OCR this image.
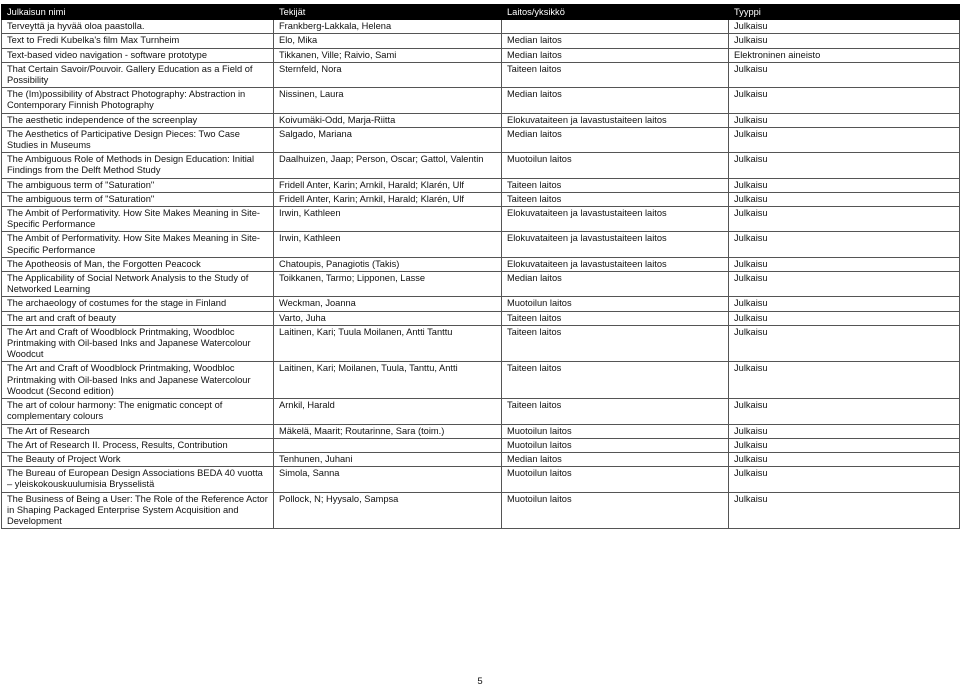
Julkaisun nimi	Tekijät	Laitos/yksikkö	Tyyppi
Terveyttä ja hyvää oloa paastolla.	Frankberg-Lakkala, Helena		Julkaisu
Text to Fredi Kubelka's film Max Turnheim	Elo, Mika	Median laitos	Julkaisu
Text-based video navigation - software prototype	Tikkanen, Ville; Raivio, Sami	Median laitos	Elektroninen aineisto
That Certain Savoir/Pouvoir. Gallery Education as a Field of Possibility	Sternfeld, Nora	Taiteen laitos	Julkaisu
The (Im)possibility of Abstract Photography: Abstraction in Contemporary Finnish Photography	Nissinen, Laura	Median laitos	Julkaisu
The aesthetic independence of the screenplay	Koivumäki-Odd, Marja-Riitta	Elokuvataiteen ja lavastustaiteen laitos	Julkaisu
The Aesthetics of Participative Design Pieces: Two Case Studies in Museums	Salgado, Mariana	Median laitos	Julkaisu
The Ambiguous Role of Methods in Design Education: Initial Findings from the Delft Method Study	Daalhuizen, Jaap; Person, Oscar; Gattol, Valentin	Muotoilun laitos	Julkaisu
The ambiguous term of "Saturation"	Fridell Anter, Karin; Arnkil, Harald; Klarén, Ulf	Taiteen laitos	Julkaisu
The ambiguous term of "Saturation"	Fridell Anter, Karin; Arnkil, Harald; Klarén, Ulf	Taiteen laitos	Julkaisu
The Ambit of Performativity. How Site Makes Meaning in Site-Specific Performance	Irwin, Kathleen	Elokuvataiteen ja lavastustaiteen laitos	Julkaisu
The Ambit of Performativity. How Site Makes Meaning in Site-Specific Performance	Irwin, Kathleen	Elokuvataiteen ja lavastustaiteen laitos	Julkaisu
The Apotheosis of Man, the Forgotten Peacock	Chatoupis, Panagiotis (Takis)	Elokuvataiteen ja lavastustaiteen laitos	Julkaisu
The Applicability of Social Network Analysis to the Study of Networked Learning	Toikkanen, Tarmo; Lipponen, Lasse	Median laitos	Julkaisu
The archaeology of costumes for the stage in Finland	Weckman, Joanna	Muotoilun laitos	Julkaisu
The art and craft of beauty	Varto, Juha	Taiteen laitos	Julkaisu
The Art and Craft of Woodblock Printmaking, Woodbloc Printmaking with Oil-based Inks and Japanese Watercolour Woodcut	Laitinen, Kari; Tuula Moilanen, Antti Tanttu	Taiteen laitos	Julkaisu
The Art and Craft of Woodblock Printmaking, Woodbloc Printmaking with Oil-based Inks and Japanese Watercolour Woodcut (Second edition)	Laitinen, Kari; Moilanen, Tuula, Tanttu, Antti	Taiteen laitos	Julkaisu
The art of colour harmony: The enigmatic concept of complementary colours	Arnkil, Harald	Taiteen laitos	Julkaisu
The Art of Research	Mäkelä, Maarit; Routarinne, Sara (toim.)	Muotoilun laitos	Julkaisu
The Art of Research II. Process, Results, Contribution		Muotoilun laitos	Julkaisu
The Beauty of Project Work	Tenhunen, Juhani	Median laitos	Julkaisu
The Bureau of European Design Associations BEDA 40 vuotta – yleiskokouskuulumisia Brysselistä	Simola, Sanna	Muotoilun laitos	Julkaisu
The Business of Being a User: The Role of the Reference Actor in Shaping Packaged Enterprise System Acquisition and Development	Pollock, N; Hyysalo, Sampsa	Muotoilun laitos	Julkaisu
5
